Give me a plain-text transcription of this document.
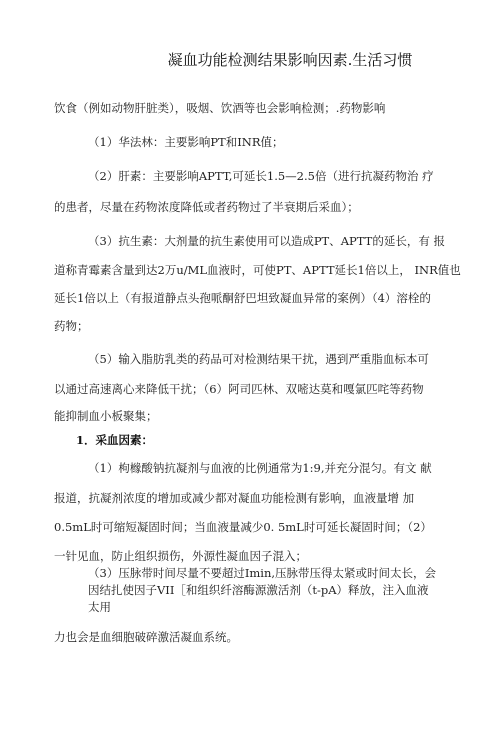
凝血功能检测结果影响因素.生活习惯
饮食（例如动物肝脏类），吸烟、饮酒等也会影响检测；.药物影响
（1）华法林：主要影响PT和INR值；
（2）肝素：主要影响APTT,可延长1.5—2.5倍（进行抗凝药物治 疗
的患者，尽量在药物浓度降低或者药物过了半衰期后采血）；
（3）抗生素：大剂量的抗生素使用可以造成PT、APTT的延长，有 报
道称青霉素含量到达2万u/ML血液时，可使PT、APTT延长1倍以上， INR值也
延长1倍以上（有报道静点头孢哌酮舒巴坦致凝血异常的案例）（4）溶栓的
药物；
（5）输入脂肪乳类的药品可对检测结果干扰，遇到严重脂血标本可
以通过高速离心来降低干扰；（6）阿司匹林、双嘧达莫和嘎氯匹咤等药物
能抑制血小板聚集；
1．采血因素：
（1）枸橼酸钠抗凝剂与血液的比例通常为1:9,并充分混匀。有文 献
报道，抗凝剂浓度的增加或减少都对凝血功能检测有影响，血液量增 加
0.5mL时可缩短凝固时间；当血液量减少0. 5mL时可延长凝固时间；（2）
一针见血，防止组织损伤，外源性凝血因子混入；
（3）压脉带时间尽量不要超过Imin,压脉带压得太紧或时间太长，会
因结扎使因子VII［和组织纤溶酶源激活剂（t-pA）释放，注入血液
太用
力也会是血细胞破碎激活凝血系统。
